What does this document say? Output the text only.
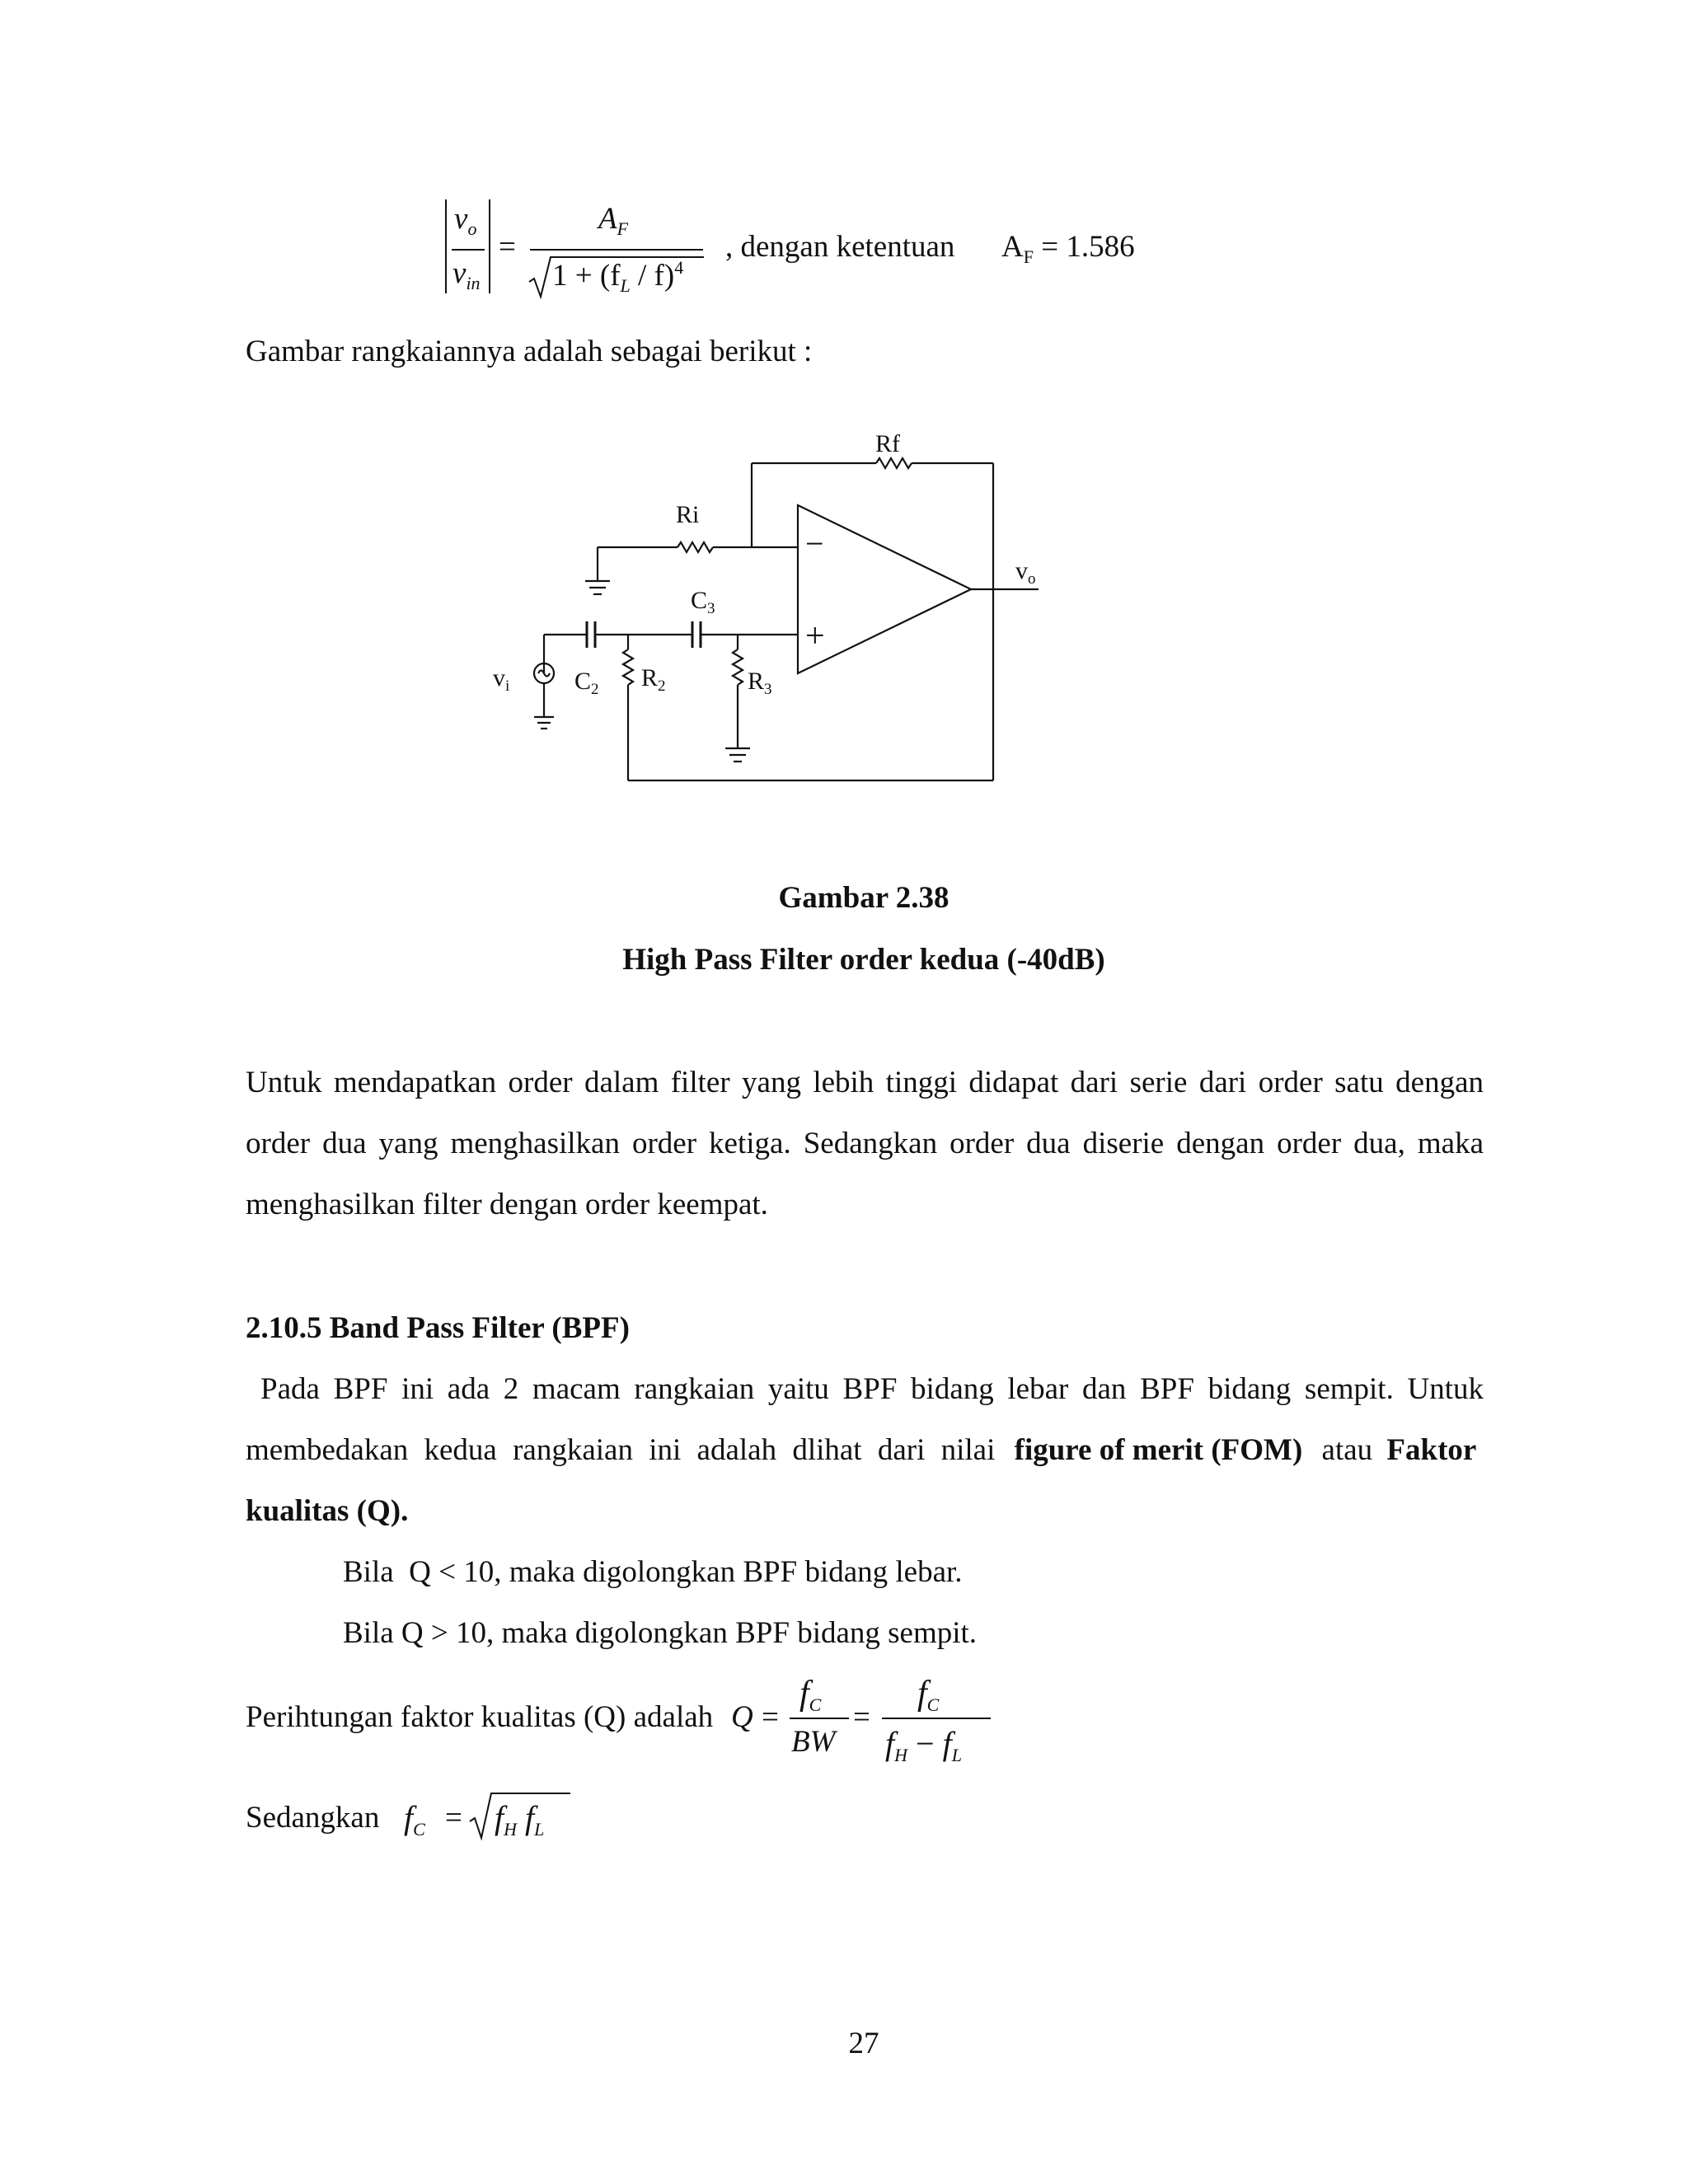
$v_o$
$v_{in}$
=
$A_F$
$1 + (f_L / f)^4$
, dengan ketentuan $A_F = 1.586$
Gambar rangkaiannya adalah sebagai berikut :
Rf
Ri
$v_o$
$v_i$	$C_2$ $R_2$
$C_3$
$R_3$
−
+
Gambar 2.38
High Pass Filter order kedua (-40dB)
Untuk mendapatkan order dalam filter yang lebih tinggi didapat dari serie dari order satu dengan
order dua yang menghasilkan order ketiga. Sedangkan order dua diserie dengan order dua, maka
menghasilkan filter dengan order keempat.
2.10.5 Band Pass Filter (BPF)
Pada BPF ini ada 2 macam rangkaian yaitu BPF bidang lebar dan BPF bidang sempit. Untuk
membedakan kedua rangkaian ini adalah dlihat dari nilai figure of merit (FOM) atau Faktor
kualitas (Q).
Bila  Q < 10, maka digolongkan BPF bidang lebar.
Bila Q > 10, maka digolongkan BPF bidang sempit.
Perihtungan faktor kualitas (Q) adalah Q =
$f_C$
BW
=
$f_C$
$f_H - f_L$
Sedangkan $f_C = f_H$ $f_L$
27
